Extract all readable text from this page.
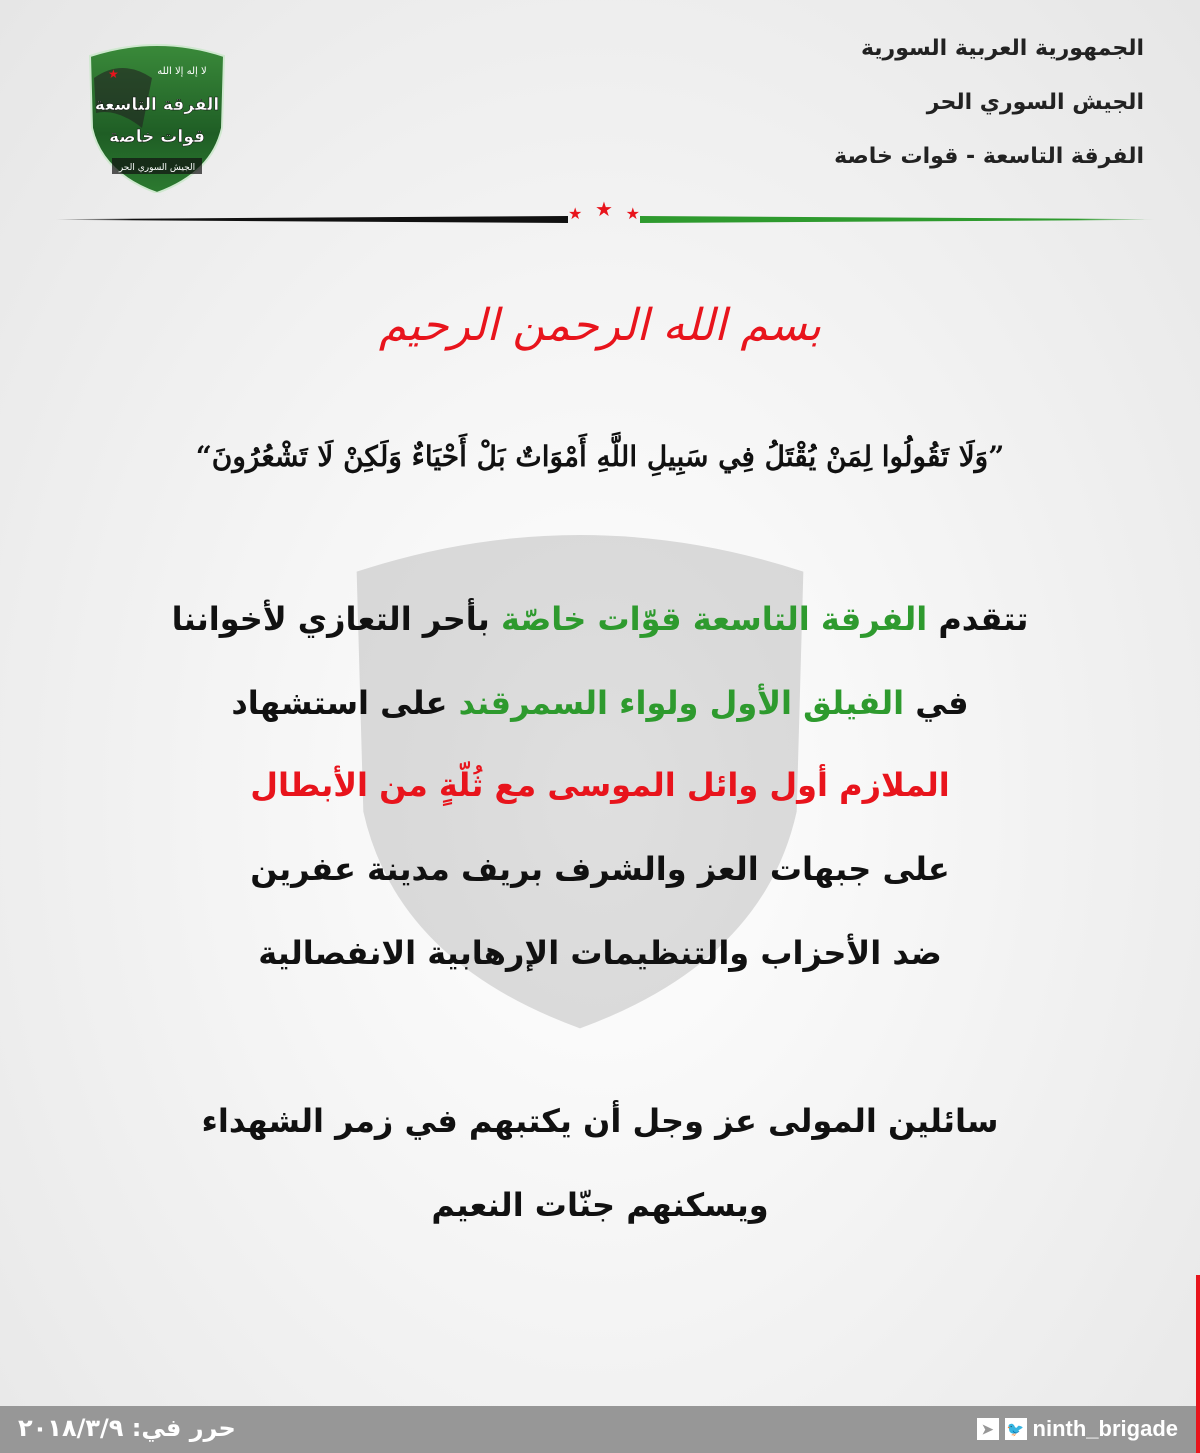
الجمهورية العربية السورية
الجيش السوري الحر
الفرقة التاسعة - قوات خاصة
★	لا إله إلا الله
الفرقة التاسعة
قوات خاصة
الجيش السوري الحر
★ ★ ★
بسم الله الرحمن الرحيم
”وَلَا تَقُولُوا لِمَنْ يُقْتَلُ فِي سَبِيلِ اللَّهِ أَمْوَاتٌ بَلْ أَحْيَاءٌ وَلَكِنْ لَا تَشْعُرُونَ“
تتقدم الفرقة التاسعة قوّات خاصّة بأحر التعازي لأخواننا
في الفيلق الأول ولواء السمرقند على استشهاد
الملازم أول وائل الموسى مع ثُلّةٍ من الأبطال
على جبهات العز والشرف بريف مدينة عفرين
ضد الأحزاب والتنظيمات الإرهابية الانفصالية
سائلين المولى عز وجل أن يكتبهم في زمر الشهداء
ويسكنهم جنّات النعيم
حرر في: ٢٠١٨/٣/٩	➤ 🐦 ninth_brigade
